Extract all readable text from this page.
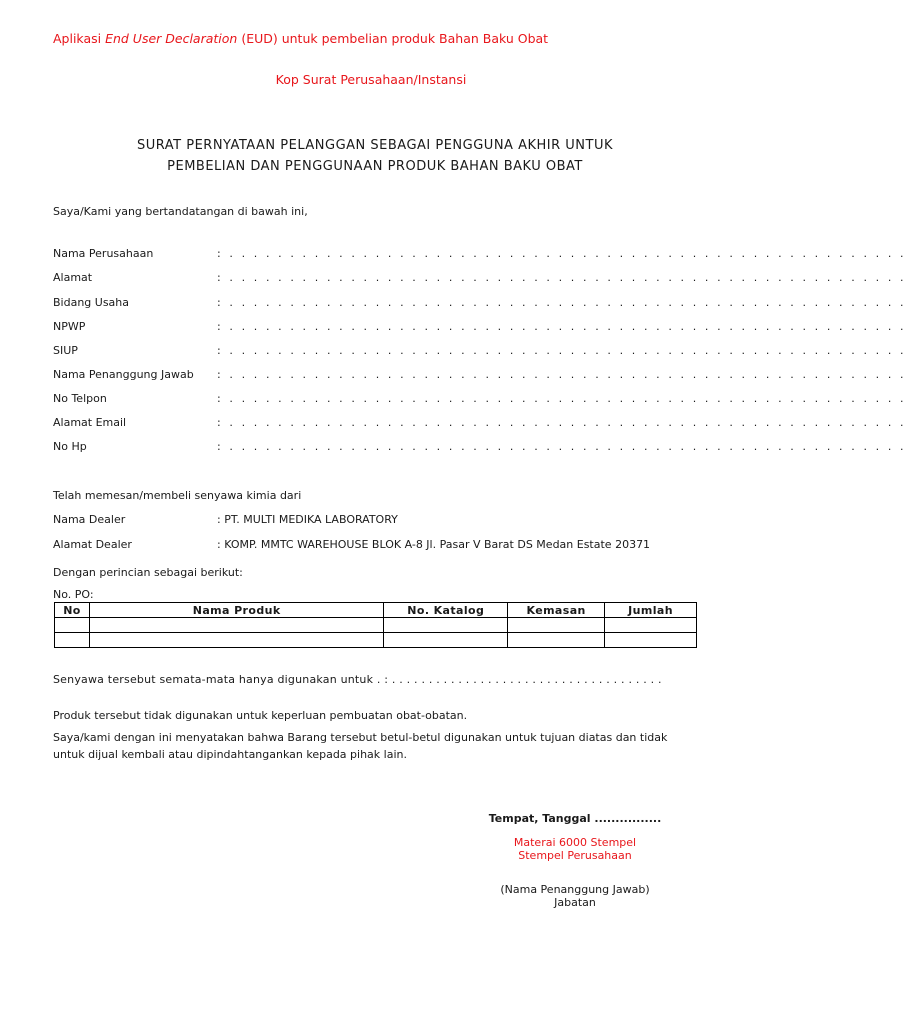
Aplikasi End User Declaration (EUD) untuk pembelian produk Bahan Baku Obat
Kop Surat Perusahaan/Instansi
SURAT PERNYATAAN PELANGGAN SEBAGAI PENGGUNA AKHIR UNTUK
PEMBELIAN DAN PENGGUNAAN PRODUK BAHAN BAKU OBAT
Saya/Kami yang bertandatangan di bawah ini,
Nama Perusahaan	: . . . . . . . . . . . . . . . . . . . . . . . . . . . . . . . . . . . . . . . . . . . . . . . . . . . . . . . .
Alamat	: . . . . . . . . . . . . . . . . . . . . . . . . . . . . . . . . . . . . . . . . . . . . . . . . . . . . . . . .
Bidang Usaha	: . . . . . . . . . . . . . . . . . . . . . . . . . . . . . . . . . . . . . . . . . . . . . . . . . . . . . . . .
NPWP	: . . . . . . . . . . . . . . . . . . . . . . . . . . . . . . . . . . . . . . . . . . . . . . . . . . . . . . . .
SIUP	: . . . . . . . . . . . . . . . . . . . . . . . . . . . . . . . . . . . . . . . . . . . . . . . . . . . . . . . .
Nama Penanggung Jawab : . . . . . . . . . . . . . . . . . . . . . . . . . . . . . . . . . . . . . . . . . . . . . . . . . . . . . . . .
No Telpon	: . . . . . . . . . . . . . . . . . . . . . . . . . . . . . . . . . . . . . . . . . . . . . . . . . . . . . . . .
Alamat Email	: . . . . . . . . . . . . . . . . . . . . . . . . . . . . . . . . . . . . . . . . . . . . . . . . . . . . . . . .
No Hp	: . . . . . . . . . . . . . . . . . . . . . . . . . . . . . . . . . . . . . . . . . . . . . . . . . . . . . . . .
Telah memesan/membeli senyawa kimia dari
Nama Dealer	: PT. MULTI MEDIKA LABORATORY
Alamat Dealer	: KOMP. MMTC WAREHOUSE BLOK A-8 Jl. Pasar V Barat DS Medan Estate 20371
Dengan perincian sebagai berikut:
No. PO:
No	Nama Produk	No. Katalog	Kemasan	Jumlah

Senyawa tersebut semata-mata hanya digunakan untuk . : . . . . . . . . . . . . . . . . . . . . . . . . . . . . . . . . . . . . .
Produk tersebut tidak digunakan untuk keperluan pembuatan obat-obatan.
Saya/kami dengan ini menyatakan bahwa Barang tersebut betul-betul digunakan untuk tujuan diatas dan tidak
untuk dijual kembali atau dipindahtangankan kepada pihak lain.
Tempat, Tanggal ................
Materai 6000 Stempel
Stempel Perusahaan
(Nama Penanggung Jawab)
Jabatan
